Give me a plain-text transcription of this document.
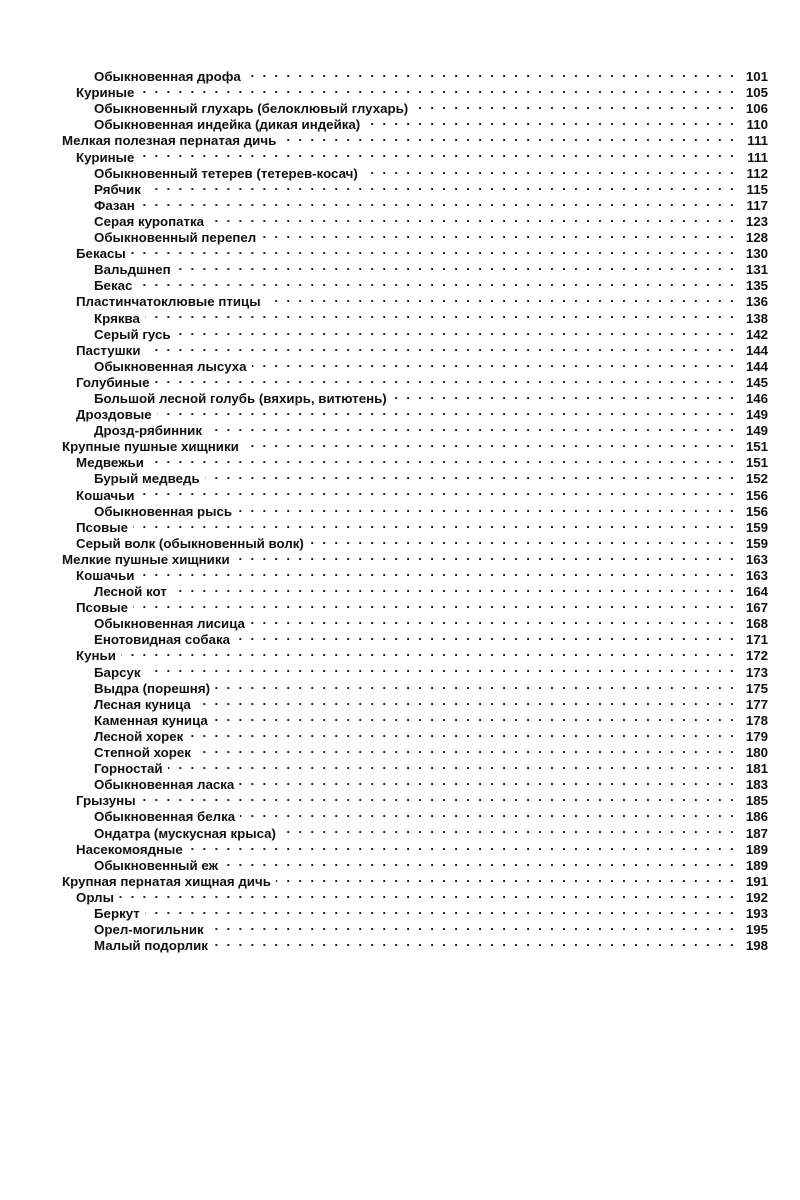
Обыкновенная дрофа . . .	101
Куриные . . .	105
Обыкновенный глухарь (белоклювый глухарь) . . .	106
Обыкновенная индейка (дикая индейка) . . .	110
Мелкая полезная пернатая дичь . . .	111
Куриные . . .	111
Обыкновенный тетерев (тетерев-косач) . . .	112
Рябчик . . .	115
Фазан . . .	117
Серая куропатка . . .	123
Обыкновенный перепел . . .	128
Бекасы . . .	130
Вальдшнеп . . .	131
Бекас . . .	135
Пластинчатоклювые птицы . . .	136
Кряква . . .	138
Серый гусь . . .	142
Пастушки . . .	144
Обыкновенная лысуха . . .	144
Голубиные . . .	145
Большой лесной голубь (вяхирь, витютень) . . .	146
Дроздовые . . .	149
Дрозд-рябинник . . .	149
Крупные пушные хищники . . .	151
Медвежьи . . .	151
Бурый медведь . . .	152
Кошачьи . . .	156
Обыкновенная рысь . . .	156
Псовые . . .	159
Серый волк (обыкновенный волк) . . .	159
Мелкие пушные хищники . . .	163
Кошачьи . . .	163
Лесной кот . . .	164
Псовые . . .	167
Обыкновенная лисица . . .	168
Енотовидная собака . . .	171
Куньи . . .	172
Барсук . . .	173
Выдра (порешня) . . .	175
Лесная куница . . .	177
Каменная куница . . .	178
Лесной хорек . . .	179
Степной хорек . . .	180
Горностай . . .	181
Обыкновенная ласка . . .	183
Грызуны . . .	185
Обыкновенная белка . . .	186
Ондатра (мускусная крыса) . . .	187
Насекомоядные . . .	189
Обыкновенный еж . . .	189
Крупная пернатая хищная дичь . . .	191
Орлы . . .	192
Беркут . . .	193
Орел-могильник . . .	195
Малый подорлик . . .	198
